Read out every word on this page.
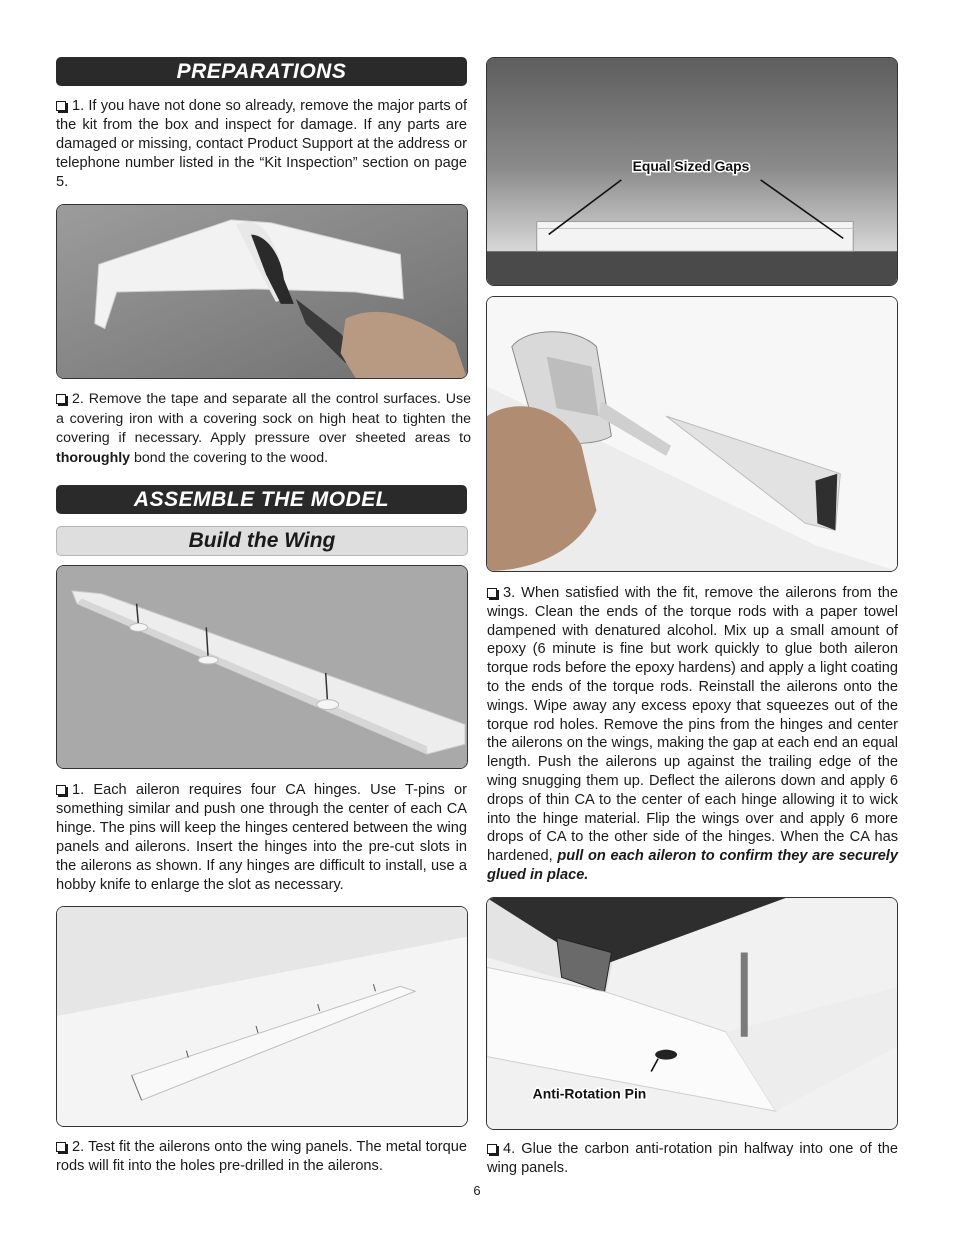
PREPARATIONS

1. If you have not done so already, remove the major parts of the kit from the box and inspect for damage. If any parts are damaged or missing, contact Product Support at the address or telephone number listed in the “Kit Inspection” section on page 5.

2. Remove the tape and separate all the control surfaces. Use a covering iron with a covering sock on high heat to tighten the covering if necessary. Apply pressure over sheeted areas to thoroughly bond the covering to the wood.

ASSEMBLE THE MODEL
Build the Wing

1. Each aileron requires four CA hinges. Use T-pins or something similar and push one through the center of each CA hinge. The pins will keep the hinges centered between the wing panels and ailerons. Insert the hinges into the pre-cut slots in the ailerons as shown. If any hinges are difficult to install, use a hobby knife to enlarge the slot as necessary.

2. Test fit the ailerons onto the wing panels. The metal torque rods will fit into the holes pre-drilled in the ailerons.

Equal Sized Gaps

3. When satisfied with the fit, remove the ailerons from the wings. Clean the ends of the torque rods with a paper towel dampened with denatured alcohol. Mix up a small amount of epoxy (6 minute is fine but work quickly to glue both aileron torque rods before the epoxy hardens) and apply a light coating to the ends of the torque rods. Reinstall the ailerons onto the wings. Wipe away any excess epoxy that squeezes out of the torque rod holes. Remove the pins from the hinges and center the ailerons on the wings, making the gap at each end an equal length. Push the ailerons up against the trailing edge of the wing snugging them up. Deflect the ailerons down and apply 6 drops of thin CA to the center of each hinge allowing it to wick into the hinge material. Flip the wings over and apply 6 more drops of CA to the other side of the hinges. When the CA has hardened, pull on each aileron to confirm they are securely glued in place.

Anti-Rotation Pin

4. Glue the carbon anti-rotation pin halfway into one of the wing panels.

6
